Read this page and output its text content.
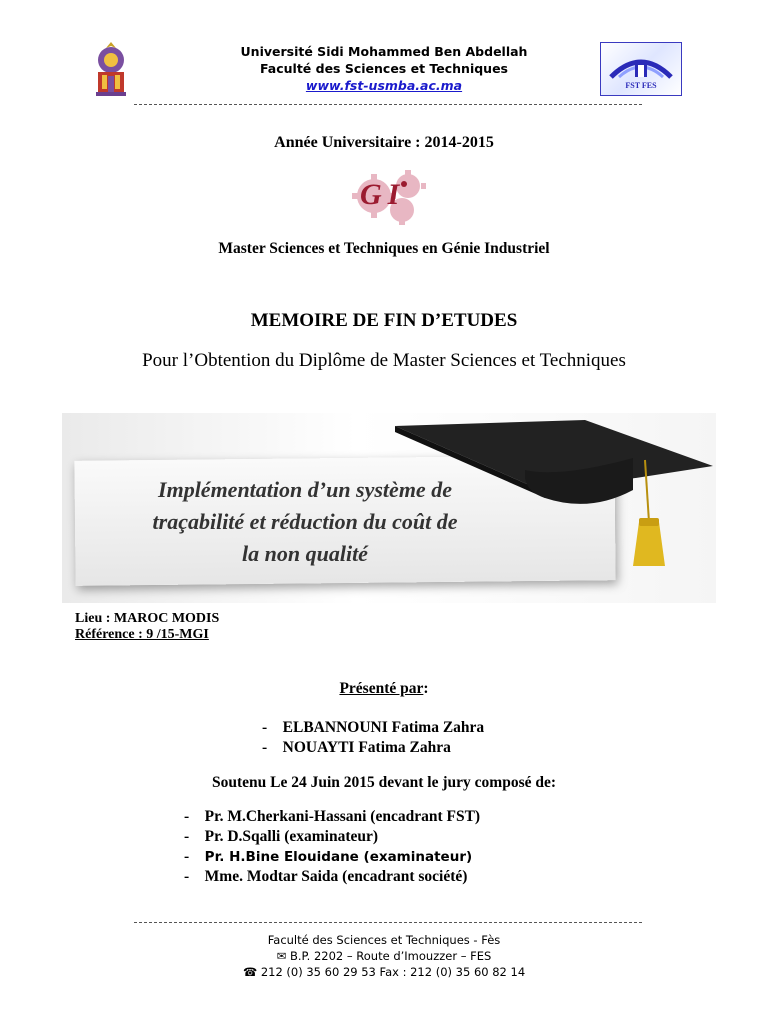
Université Sidi Mohammed Ben Abdellah
Faculté des Sciences et Techniques
www.fst-usmba.ac.ma	FST FES
Année Universitaire : 2014-2015
GI
Master Sciences et Techniques en Génie Industriel
MEMOIRE DE FIN D’ETUDES
Pour l’Obtention du Diplôme de Master Sciences et Techniques
Implémentation d’un système de
traçabilité et réduction du coût de
la non qualité
Lieu : MAROC MODIS
Référence : 9 /15-MGI
Présenté par:
-    ELBANNOUNI Fatima Zahra
-    NOUAYTI Fatima Zahra
Soutenu Le 24 Juin 2015 devant le jury composé de:
-    Pr. M.Cherkani-Hassani (encadrant FST)
-    Pr. D.Sqalli (examinateur)
-    Pr. H.Bine Elouidane (examinateur)
-    Mme. Modtar Saida (encadrant société)
Faculté des Sciences et Techniques - Fès
✉ B.P. 2202 – Route d’Imouzzer – FES
☎ 212 (0) 35 60 29 53 Fax : 212 (0) 35 60 82 14
